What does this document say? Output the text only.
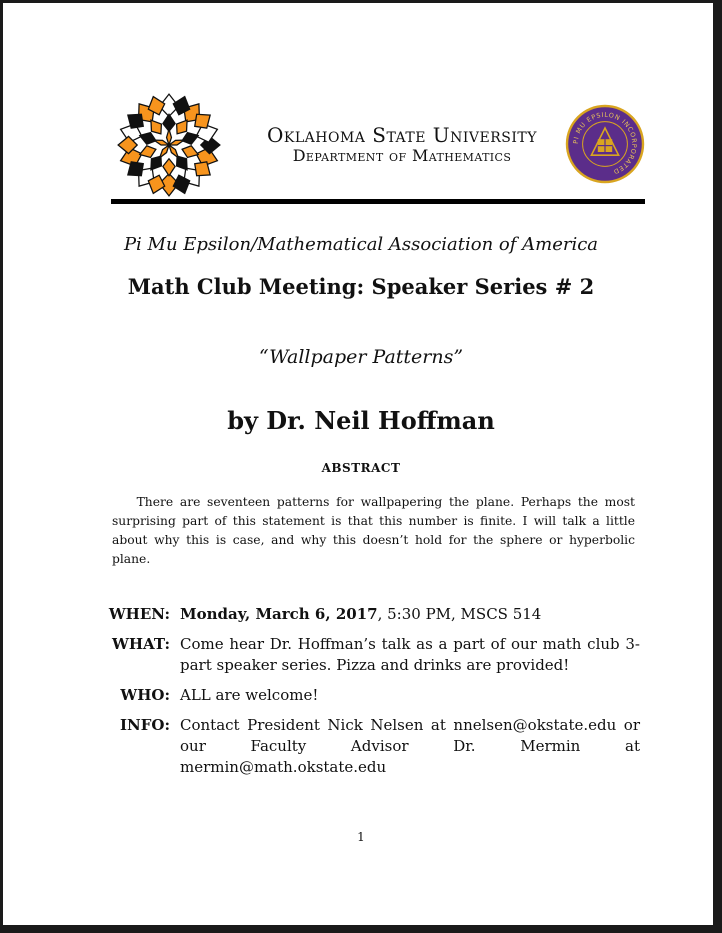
Oklahoma State University
Department of Mathematics
PI MU EPSILON INCORPORATED
Pi Mu Epsilon/Mathematical Association of America
Math Club Meeting: Speaker Series # 2
“Wallpaper Patterns”
by Dr. Neil Hoffman
ABSTRACT
There are seventeen patterns for wallpapering the plane. Perhaps the most surprising part of this statement is that this number is finite. I will talk a little about why this is case, and why this doesn’t hold for the sphere or hyperbolic plane.
WHEN: Monday, March 6, 2017, 5:30 PM, MSCS 514
WHAT: Come hear Dr. Hoffman’s talk as a part of our math club 3-part speaker series. Pizza and drinks are provided!
WHO: ALL are welcome!
INFO: Contact President Nick Nelsen at nnelsen@okstate.edu or our Faculty Advisor Dr. Mermin at mermin@math.okstate.edu
1
